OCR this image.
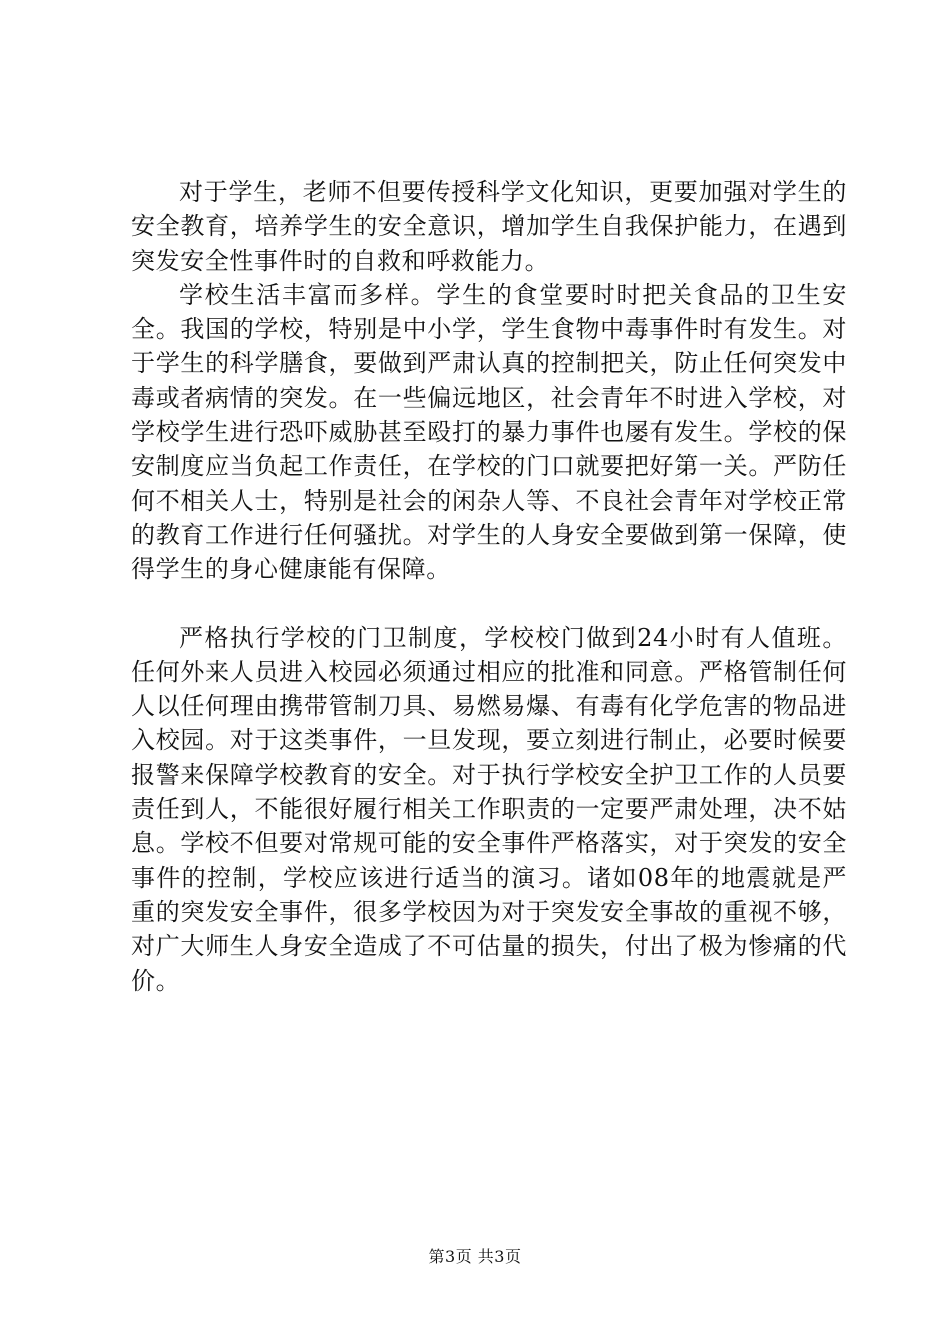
对于学生，老师不但要传授科学文化知识，更要加强对学生的安全教育，培养学生的安全意识，增加学生自我保护能力，在遇到突发安全性事件时的自救和呼救能力。

学校生活丰富而多样。学生的食堂要时时把关食品的卫生安全。我国的学校，特别是中小学，学生食物中毒事件时有发生。对于学生的科学膳食，要做到严肃认真的控制把关，防止任何突发中毒或者病情的突发。在一些偏远地区，社会青年不时进入学校，对学校学生进行恐吓威胁甚至殴打的暴力事件也屡有发生。学校的保安制度应当负起工作责任，在学校的门口就要把好第一关。严防任何不相关人士，特别是社会的闲杂人等、不良社会青年对学校正常的教育工作进行任何骚扰。对学生的人身安全要做到第一保障，使得学生的身心健康能有保障。

严格执行学校的门卫制度，学校校门做到24小时有人值班。任何外来人员进入校园必须通过相应的批准和同意。严格管制任何人以任何理由携带管制刀具、易燃易爆、有毒有化学危害的物品进入校园。对于这类事件，一旦发现，要立刻进行制止，必要时候要报警来保障学校教育的安全。对于执行学校安全护卫工作的人员要责任到人，不能很好履行相关工作职责的一定要严肃处理，决不姑息。学校不但要对常规可能的安全事件严格落实，对于突发的安全事件的控制，学校应该进行适当的演习。诸如08年的地震就是严重的突发安全事件，很多学校因为对于突发安全事故的重视不够，对广大师生人身安全造成了不可估量的损失，付出了极为惨痛的代价。

第3页 共3页
